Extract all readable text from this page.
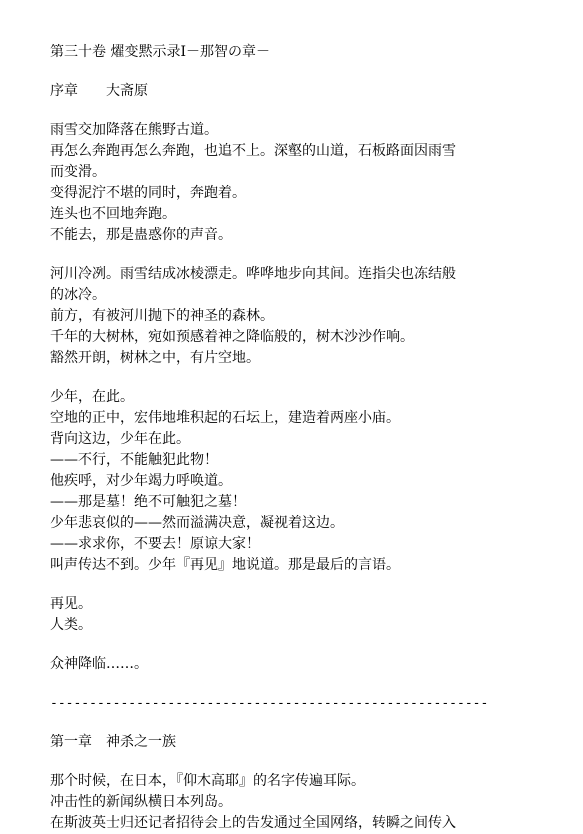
第三十卷 燿变黙示录Ⅰ－那智の章－
序章　　大斋原
雨雪交加降落在熊野古道。
再怎么奔跑再怎么奔跑，也追不上。深壑的山道，石板路面因雨雪
而变滑。
变得泥泞不堪的同时，奔跑着。
连头也不回地奔跑。
不能去，那是蛊惑你的声音。
河川冷冽。雨雪结成冰棱漂走。哗哗地步向其间。连指尖也冻结般
的冰冷。
前方，有被河川抛下的神圣的森林。
千年的大树林，宛如预感着神之降临般的，树木沙沙作响。
豁然开朗，树林之中，有片空地。
少年，在此。
空地的正中，宏伟地堆积起的石坛上，建造着两座小庙。
背向这边，少年在此。
——不行，不能触犯此物！
他疾呼，对少年竭力呼唤道。
——那是墓！绝不可触犯之墓！
少年悲哀似的——然而溢满决意，凝视着这边。
——求求你，不要去！原谅大家！
叫声传达不到。少年『再见』地说道。那是最后的言语。
再见。
人类。
众神降临……。
--------------------------------------------------------
第一章　神杀之一族
那个时候，在日本，『仰木高耶』的名字传遍耳际。
冲击性的新闻纵横日本列岛。
在斯波英士归还记者招待会上的告发通过全国网络，转瞬之间传入
